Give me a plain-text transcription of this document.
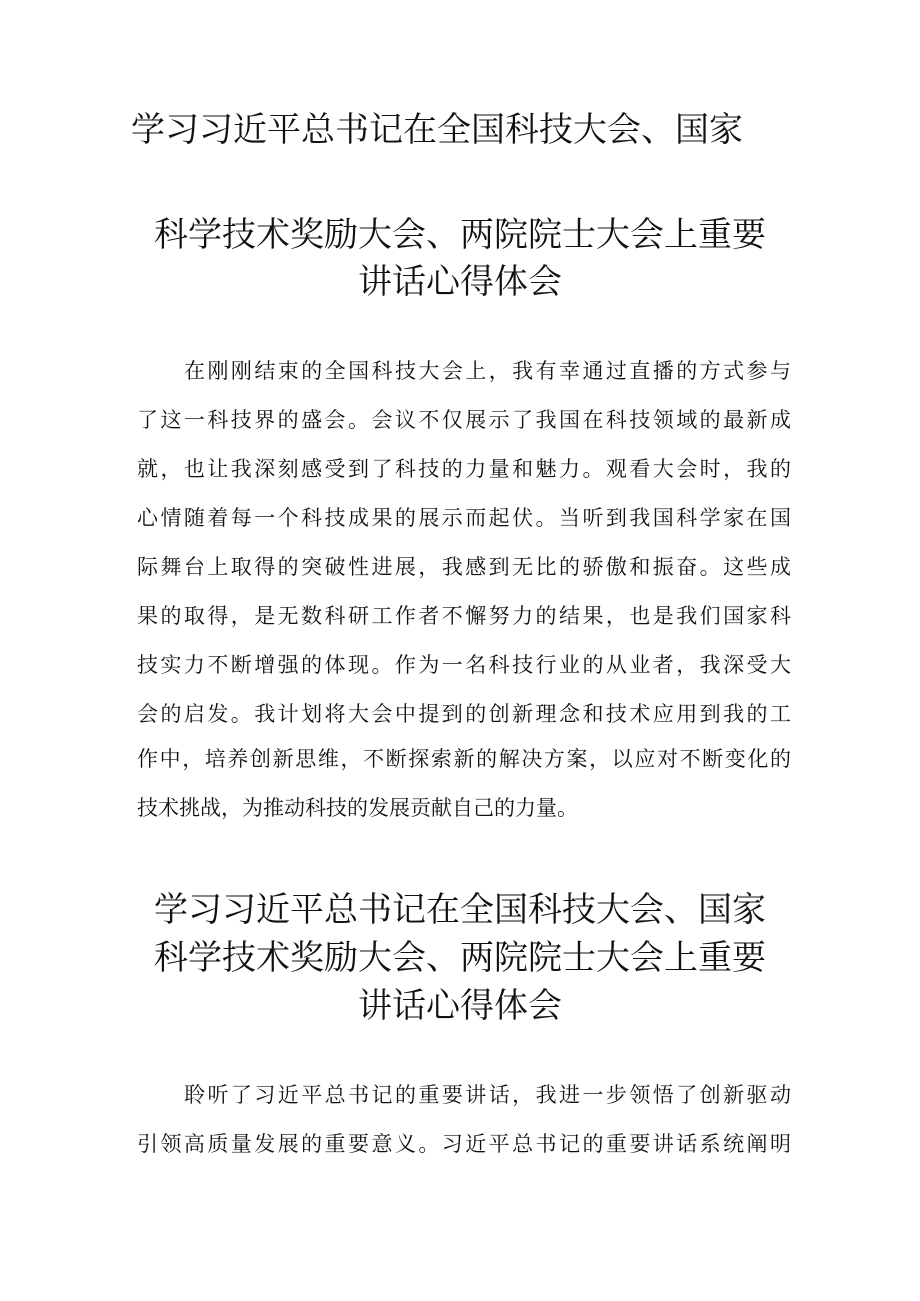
学习习近平总书记在全国科技大会、国家
科学技术奖励大会、两院院士大会上重要
讲话心得体会
在刚刚结束的全国科技大会上，我有幸通过直播的方式参与
了这一科技界的盛会。会议不仅展示了我国在科技领域的最新成
就，也让我深刻感受到了科技的力量和魅力。观看大会时，我的
心情随着每一个科技成果的展示而起伏。当听到我国科学家在国
际舞台上取得的突破性进展，我感到无比的骄傲和振奋。这些成
果的取得，是无数科研工作者不懈努力的结果，也是我们国家科
技实力不断增强的体现。作为一名科技行业的从业者，我深受大
会的启发。我计划将大会中提到的创新理念和技术应用到我的工
作中，培养创新思维，不断探索新的解决方案，以应对不断变化的
技术挑战，为推动科技的发展贡献自己的力量。
学习习近平总书记在全国科技大会、国家
科学技术奖励大会、两院院士大会上重要
讲话心得体会
聆听了习近平总书记的重要讲话，我进一步领悟了创新驱动
引领高质量发展的重要意义。习近平总书记的重要讲话系统阐明
